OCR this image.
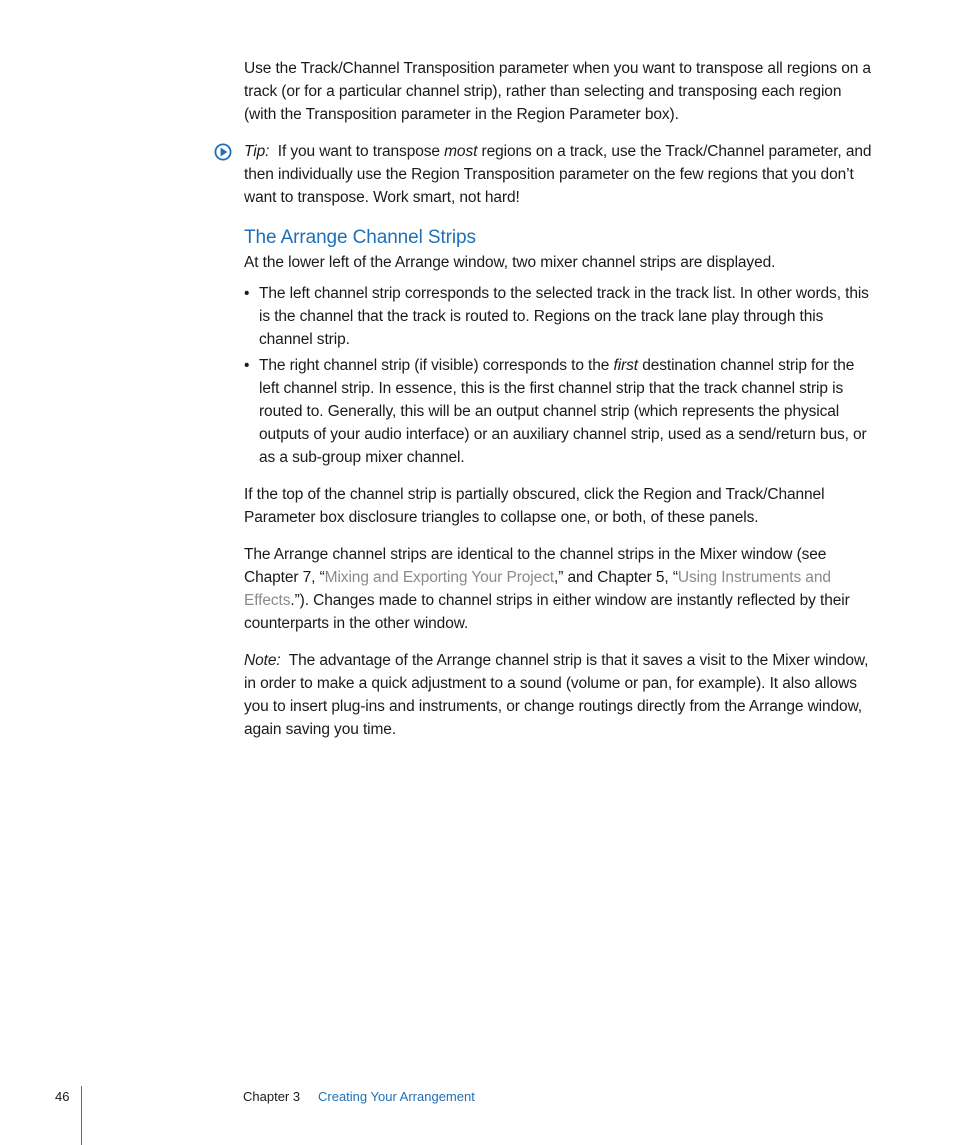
Use the Track/Channel Transposition parameter when you want to transpose all regions on a track (or for a particular channel strip), rather than selecting and transposing each region (with the Transposition parameter in the Region Parameter box).

Tip: If you want to transpose most regions on a track, use the Track/Channel parameter, and then individually use the Region Transposition parameter on the few regions that you don’t want to transpose. Work smart, not hard!

The Arrange Channel Strips

At the lower left of the Arrange window, two mixer channel strips are displayed.

• The left channel strip corresponds to the selected track in the track list. In other words, this is the channel that the track is routed to. Regions on the track lane play through this channel strip.
• The right channel strip (if visible) corresponds to the first destination channel strip for the left channel strip. In essence, this is the first channel strip that the track channel strip is routed to. Generally, this will be an output channel strip (which represents the physical outputs of your audio interface) or an auxiliary channel strip, used as a send/return bus, or as a sub-group mixer channel.

If the top of the channel strip is partially obscured, click the Region and Track/Channel Parameter box disclosure triangles to collapse one, or both, of these panels.

The Arrange channel strips are identical to the channel strips in the Mixer window (see Chapter 7, “Mixing and Exporting Your Project,” and Chapter 5, “Using Instruments and Effects.”). Changes made to channel strips in either window are instantly reflected by their counterparts in the other window.

Note: The advantage of the Arrange channel strip is that it saves a visit to the Mixer window, in order to make a quick adjustment to a sound (volume or pan, for example). It also allows you to insert plug-ins and instruments, or change routings directly from the Arrange window, again saving you time.

46	Chapter 3 Creating Your Arrangement
